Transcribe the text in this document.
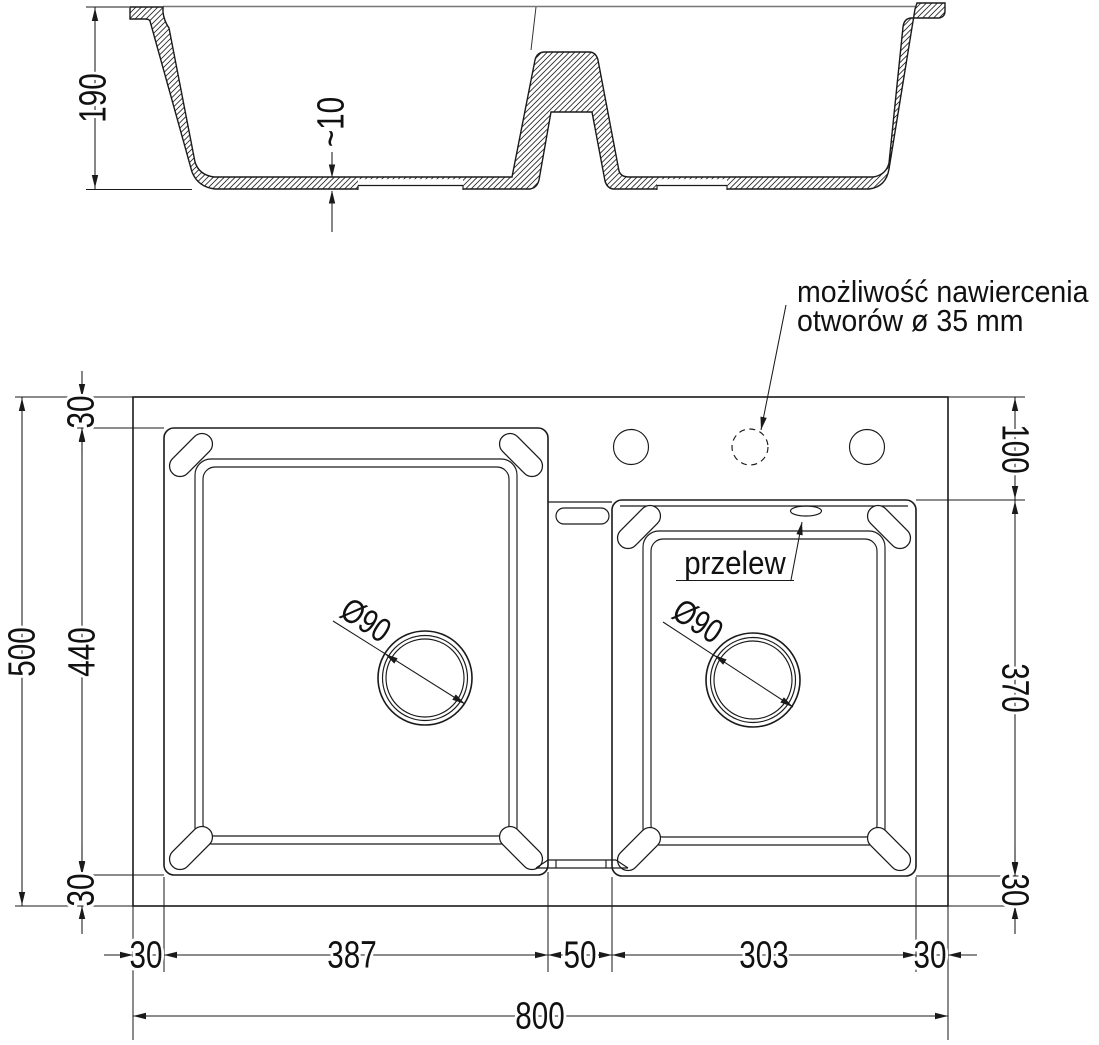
190	~10
Ø90	Ø90
możliwość nawiercenia
otworów ø 35 mm
przelew
500 440
30
30
100
370
30
30	387	50	303	30
800
